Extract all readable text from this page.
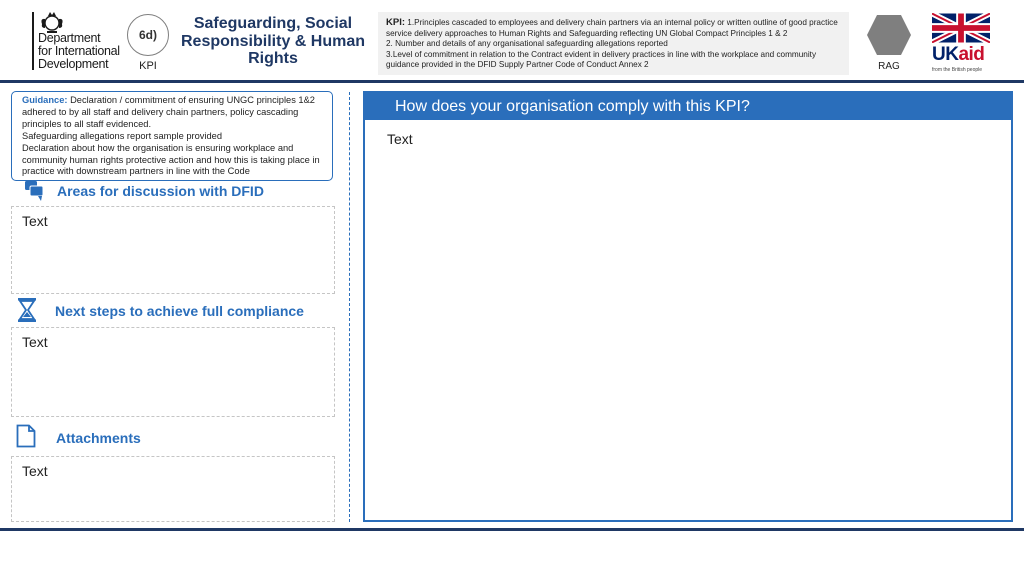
Department
for International
Development
6d)
KPI
Safeguarding, Social
Responsibility & Human
Rights
KPI: 1.Principles cascaded to employees and delivery chain partners via an internal policy or written outline of good practice service delivery approaches to Human Rights and Safeguarding reflecting UN Global Compact Principles 1 & 2
2. Number and details of any organisational safeguarding allegations reported
3.Level of commitment in relation to the Contract evident in delivery practices in line with the workplace and community guidance provided in the DFID Supply Partner Code of Conduct Annex 2	RAG
UKaid
from the British people
Guidance: Declaration / commitment of ensuring UNGC principles 1&2 adhered to by all staff and delivery chain partners, policy cascading principles to all staff evidenced.
Safeguarding allegations report sample provided
Declaration about how the organisation is ensuring workplace and community human rights protective action and how this is taking place in practice with downstream partners in line with the Code
Areas for discussion with DFID
Text
Next steps to achieve full compliance
Text
Attachments
Text
How does your organisation comply with this KPI?
Text
